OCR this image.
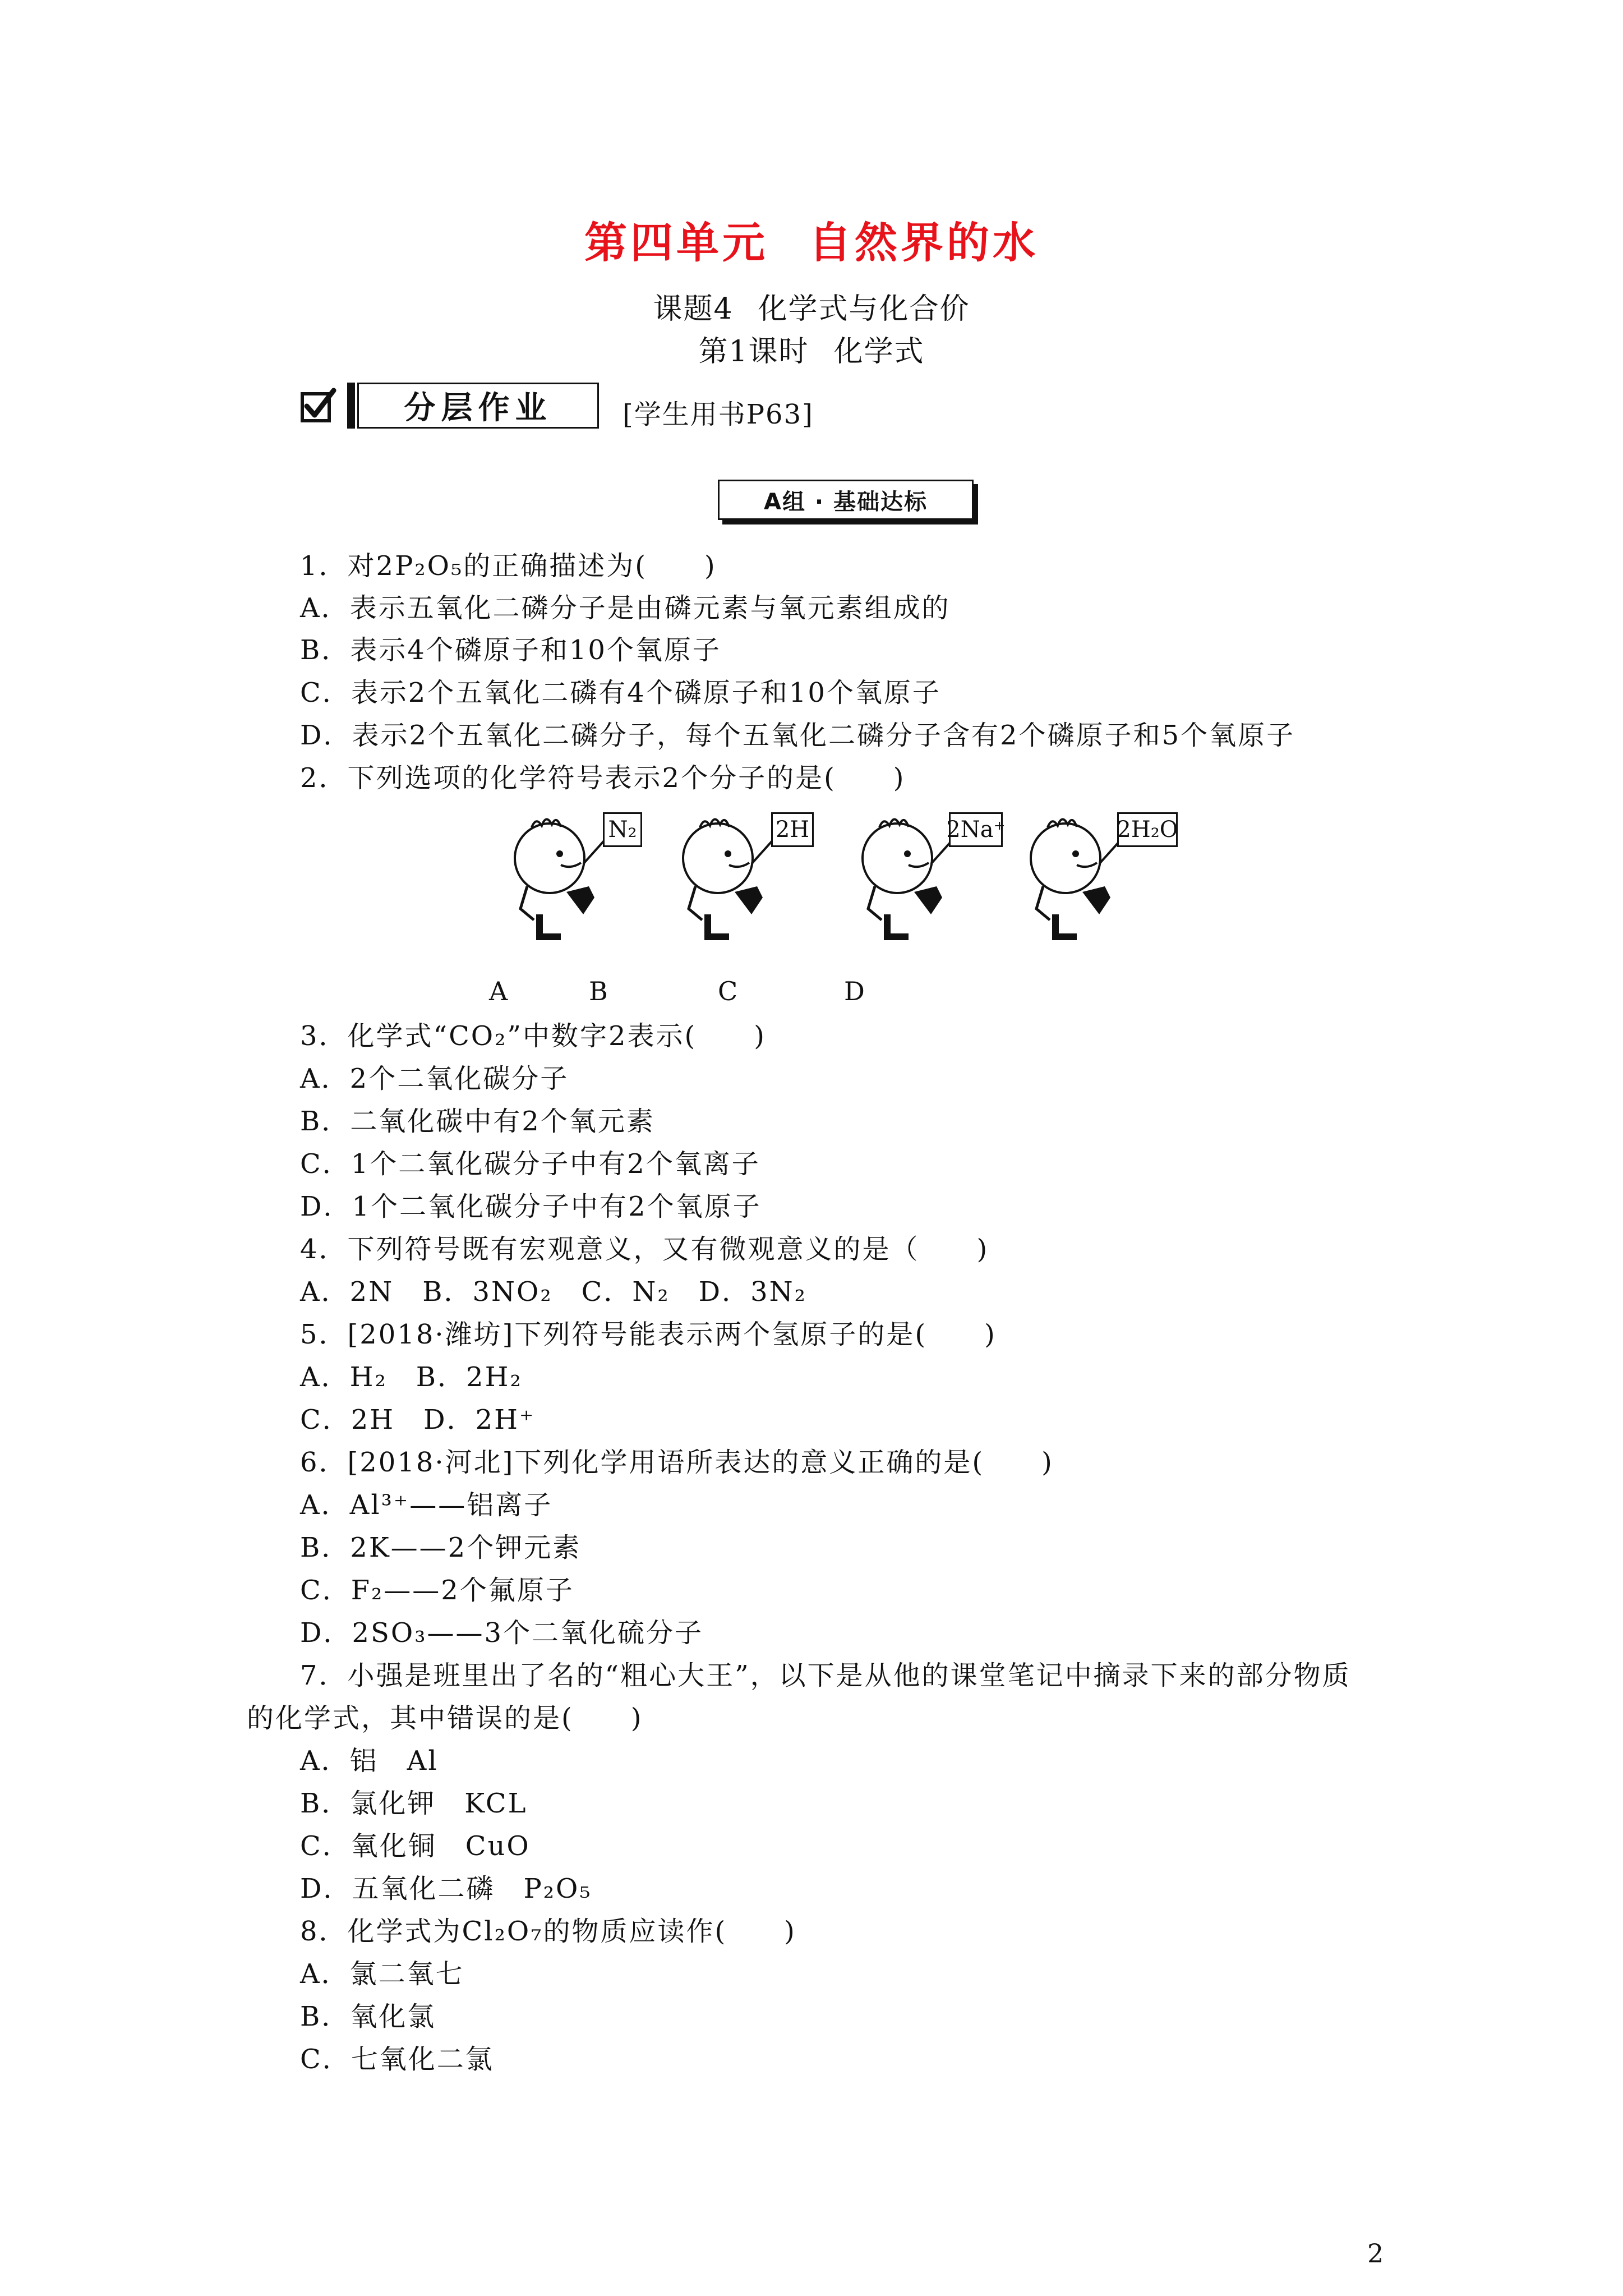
第四单元 自然界的水
课题4 化学式与化合价
第1课时 化学式
分层作业	[学生用书P63]
A组 · 基础达标
1．对2P₂O₅的正确描述为(　　)
A．表示五氧化二磷分子是由磷元素与氧元素组成的
B．表示4个磷原子和10个氧原子
C．表示2个五氧化二磷有4个磷原子和10个氧原子
D．表示2个五氧化二磷分子，每个五氧化二磷分子含有2个磷原子和5个氧原子
2．下列选项的化学符号表示2个分子的是(　　)
N₂	2H	2Na⁺	2H₂O
A	B	C	D
3．化学式“CO₂”中数字2表示(　　)
A．2个二氧化碳分子
B．二氧化碳中有2个氧元素
C．1个二氧化碳分子中有2个氧离子
D．1个二氧化碳分子中有2个氧原子
4．下列符号既有宏观意义，又有微观意义的是（　　)
A．2N　B．3NO₂　C．N₂　D．3N₂
5．[2018·潍坊]下列符号能表示两个氢原子的是(　　)
A．H₂　B．2H₂
C．2H　D．2H⁺
6．[2018·河北]下列化学用语所表达的意义正确的是(　　)
A．Al³⁺——铝离子
B．2K——2个钾元素
C．F₂——2个氟原子
D．2SO₃——3个二氧化硫分子
7．小强是班里出了名的“粗心大王”，以下是从他的课堂笔记中摘录下来的部分物质
的化学式，其中错误的是(　　)
A．铝　Al
B．氯化钾　KCL
C．氧化铜　CuO
D．五氧化二磷　P₂O₅
8．化学式为Cl₂O₇的物质应读作(　　)
A．氯二氧七
B．氧化氯
C．七氧化二氯
2
